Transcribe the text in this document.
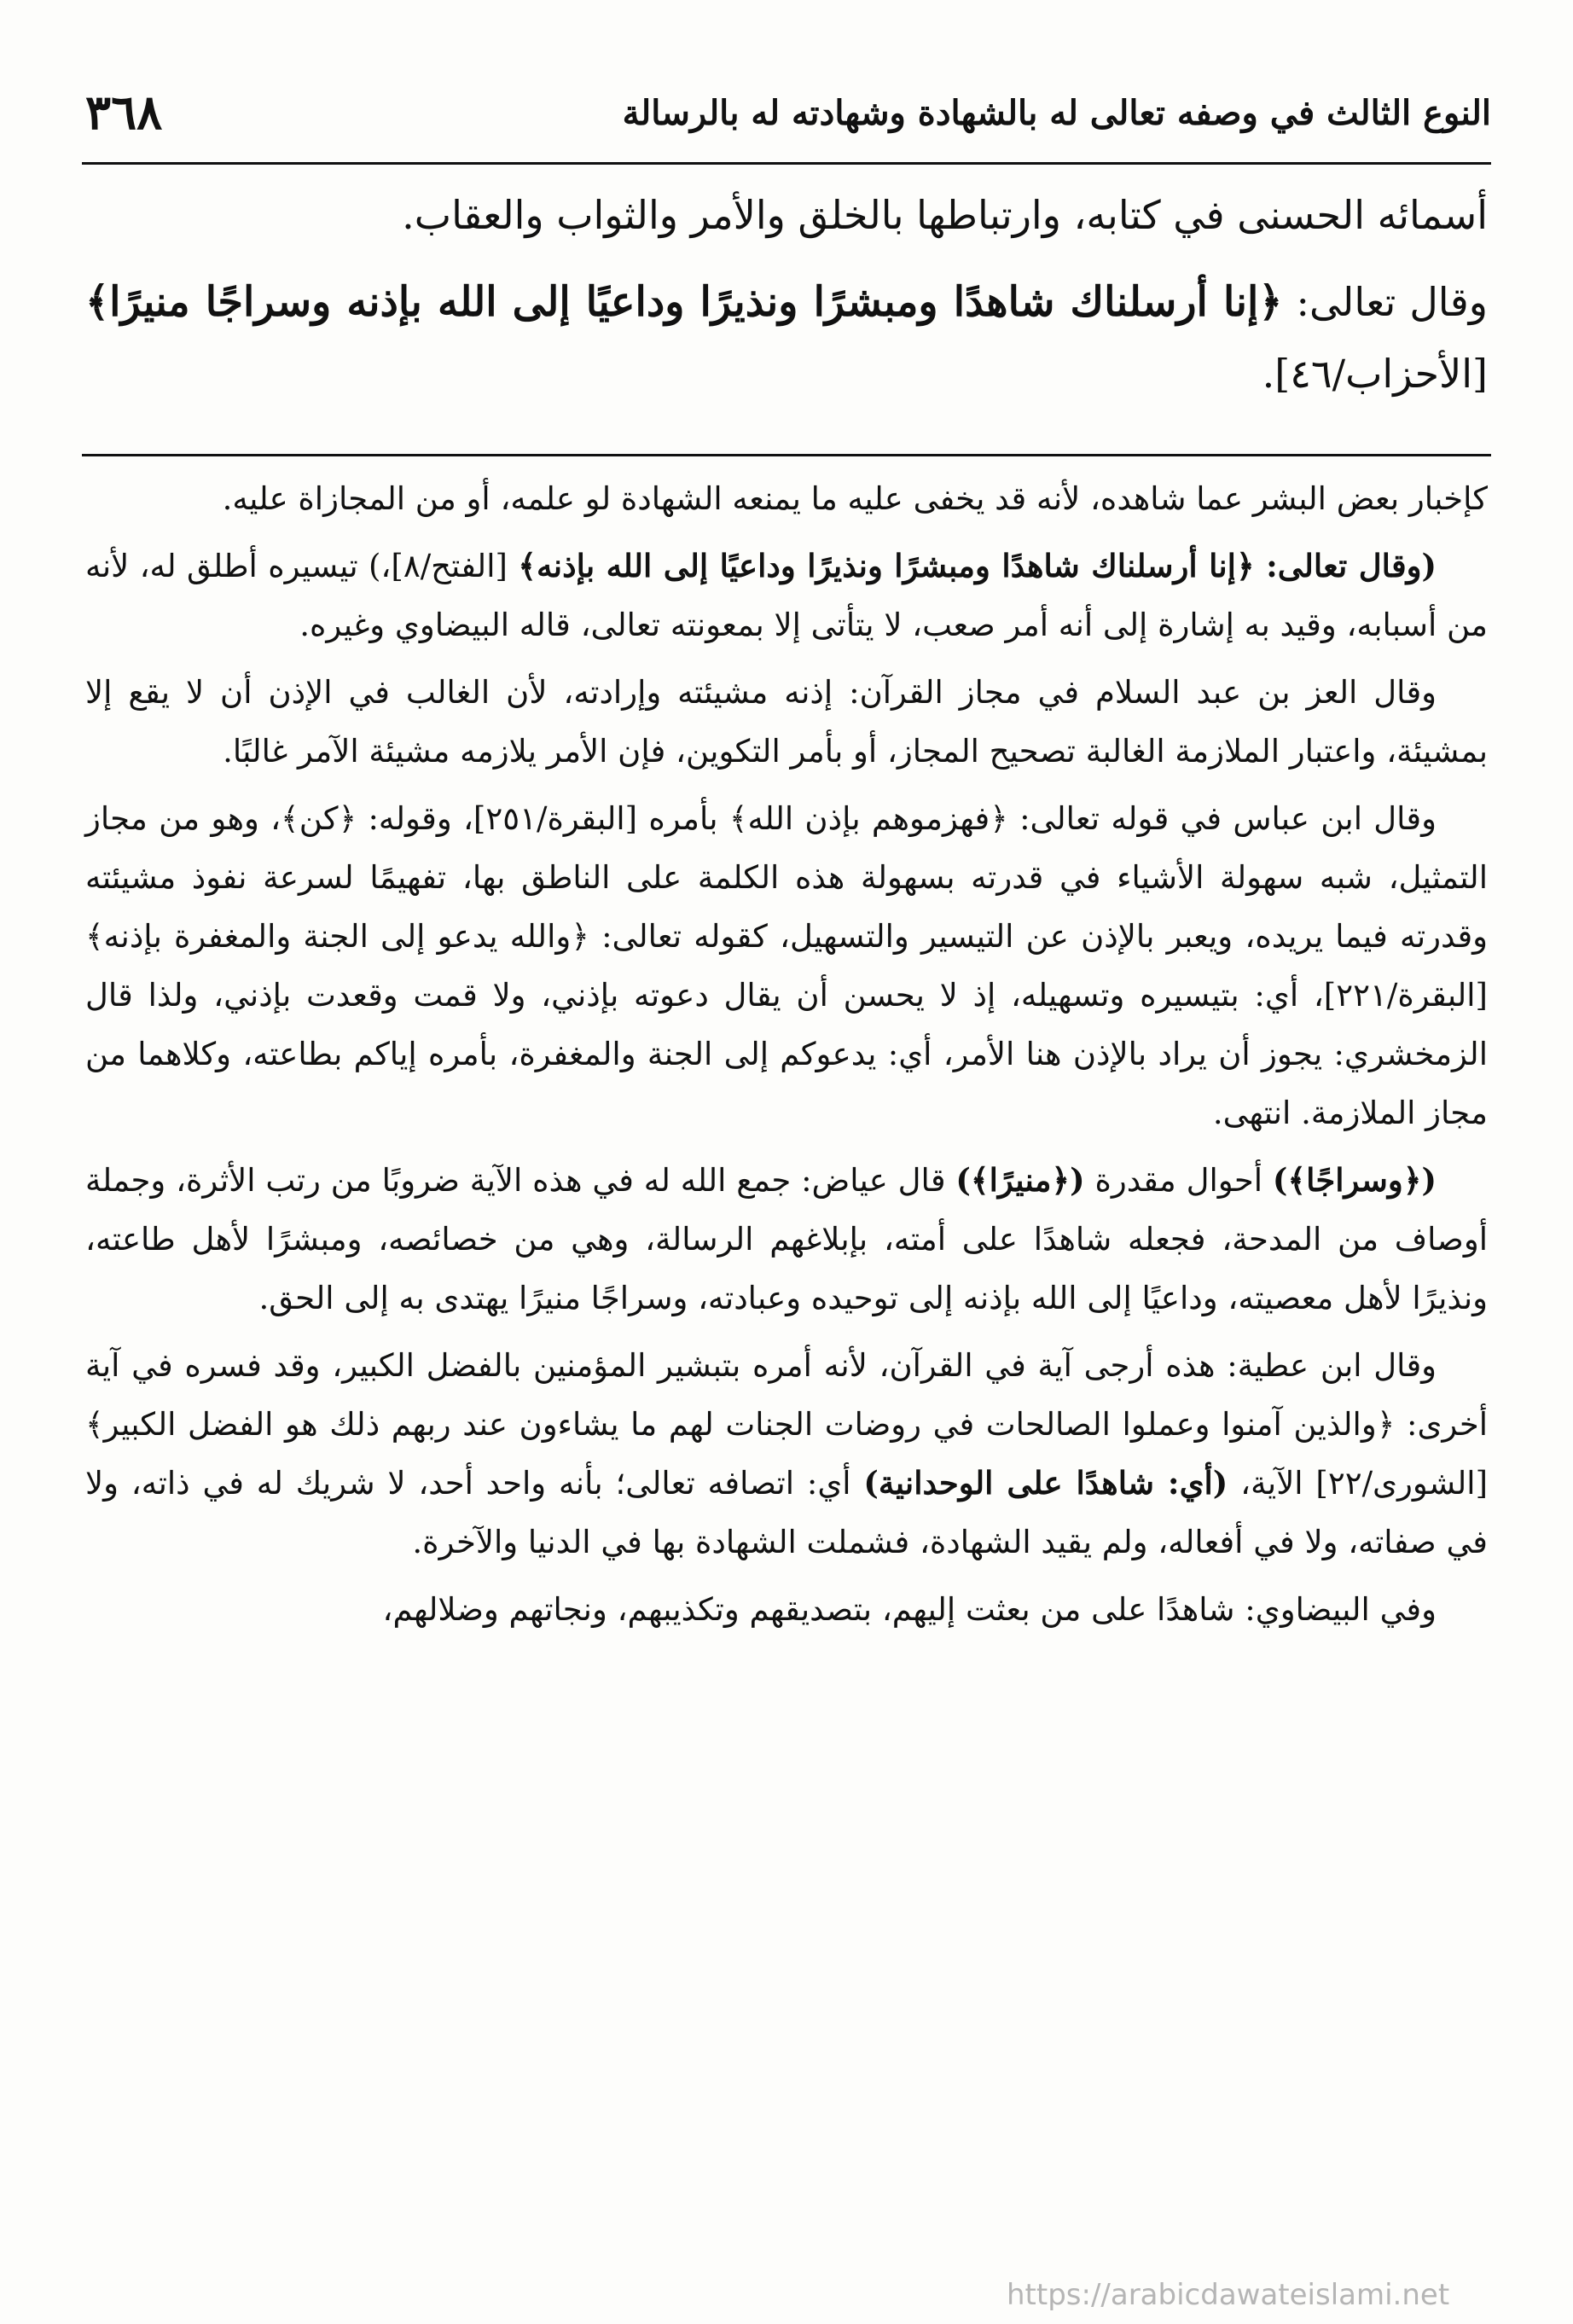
النوع الثالث في وصفه تعالى له بالشهادة وشهادته له بالرسالة
٣٦٨

أسمائه الحسنى في كتابه، وارتباطها بالخلق والأمر والثواب والعقاب.

وقال تعالى: ﴿إنا أرسلناك شاهدًا ومبشرًا ونذيرًا وداعيًا إلى الله بإذنه وسراجًا منيرًا﴾ [الأحزاب/٤٦].

كإخبار بعض البشر عما شاهده، لأنه قد يخفى عليه ما يمنعه الشهادة لو علمه، أو من المجازاة عليه.

(وقال تعالى: ﴿إنا أرسلناك شاهدًا ومبشرًا ونذيرًا وداعيًا إلى الله بإذنه﴾ [الفتح/٨]،) تيسيره أطلق له، لأنه من أسبابه، وقيد به إشارة إلى أنه أمر صعب، لا يتأتى إلا بمعونته تعالى، قاله البيضاوي وغيره.

وقال العز بن عبد السلام في مجاز القرآن: إذنه مشيئته وإرادته، لأن الغالب في الإذن أن لا يقع إلا بمشيئة، واعتبار الملازمة الغالبة تصحيح المجاز، أو بأمر التكوين، فإن الأمر يلازمه مشيئة الآمر غالبًا.

وقال ابن عباس في قوله تعالى: ﴿فهزموهم بإذن الله﴾ بأمره [البقرة/٢٥١]، وقوله: ﴿كن﴾، وهو من مجاز التمثيل، شبه سهولة الأشياء في قدرته بسهولة هذه الكلمة على الناطق بها، تفهيمًا لسرعة نفوذ مشيئته وقدرته فيما يريده، ويعبر بالإذن عن التيسير والتسهيل، كقوله تعالى: ﴿والله يدعو إلى الجنة والمغفرة بإذنه﴾ [البقرة/٢٢١]، أي: بتيسيره وتسهيله، إذ لا يحسن أن يقال دعوته بإذني، ولا قمت وقعدت بإذني، ولذا قال الزمخشري: يجوز أن يراد بالإذن هنا الأمر، أي: يدعوكم إلى الجنة والمغفرة، بأمره إياكم بطاعته، وكلاهما من مجاز الملازمة. انتهى.

(﴿وسراجًا﴾) أحوال مقدرة (﴿منيرًا﴾) قال عياض: جمع الله له في هذه الآية ضروبًا من رتب الأثرة، وجملة أوصاف من المدحة، فجعله شاهدًا على أمته، بإبلاغهم الرسالة، وهي من خصائصه، ومبشرًا لأهل طاعته، ونذيرًا لأهل معصيته، وداعيًا إلى الله بإذنه إلى توحيده وعبادته، وسراجًا منيرًا يهتدى به إلى الحق.

وقال ابن عطية: هذه أرجى آية في القرآن، لأنه أمره بتبشير المؤمنين بالفضل الكبير، وقد فسره في آية أخرى: ﴿والذين آمنوا وعملوا الصالحات في روضات الجنات لهم ما يشاءون عند ربهم ذلك هو الفضل الكبير﴾ [الشورى/٢٢] الآية، (أي: شاهدًا على الوحدانية) أي: اتصافه تعالى؛ بأنه واحد أحد، لا شريك له في ذاته، ولا في صفاته، ولا في أفعاله، ولم يقيد الشهادة، فشملت الشهادة بها في الدنيا والآخرة.

وفي البيضاوي: شاهدًا على من بعثت إليهم، بتصديقهم وتكذيبهم، ونجاتهم وضلالهم،

https://arabicdawateislami.net
